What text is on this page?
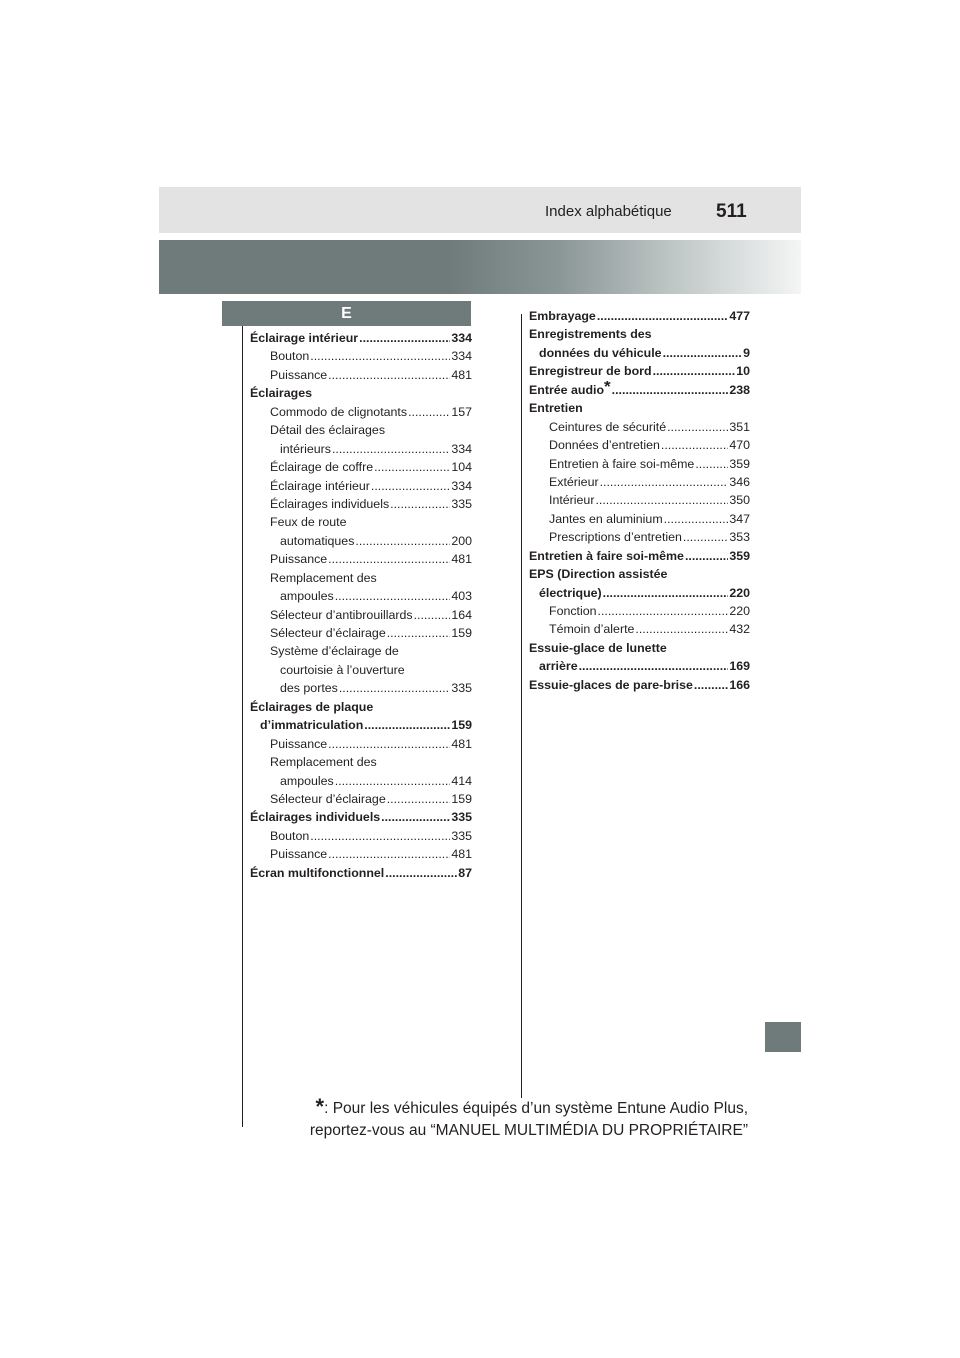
Index alphabétique 511
E
Éclairage intérieur .....	334
Bouton .....	334
Puissance .....	481
Éclairages
Commodo de clignotants .....	157
Détail des éclairages
intérieurs .....	334
Éclairage de coffre .....	104
Éclairage intérieur .....	334
Éclairages individuels .....	335
Feux de route
automatiques .....	200
Puissance .....	481
Remplacement des
ampoules .....	403
Sélecteur d’antibrouillards .....	164
Sélecteur d’éclairage .....	159
Système d’éclairage de
courtoisie à l’ouverture
des portes .....	335
Éclairages de plaque
d’immatriculation .....	159
Puissance .....	481
Remplacement des
ampoules .....	414
Sélecteur d’éclairage .....	159
Éclairages individuels .....	335
Bouton .....	335
Puissance .....	481
Écran multifonctionnel .....	87
Embrayage .....	477
Enregistrements des
données du véhicule .....	9
Enregistreur de bord .....	10
Entrée audio * .....	238
Entretien
Ceintures de sécurité .....	351
Données d’entretien .....	470
Entretien à faire soi-même .....	359
Extérieur .....	346
Intérieur .....	350
Jantes en aluminium .....	347
Prescriptions d’entretien .....	353
Entretien à faire soi-même .....	359
EPS (Direction assistée
électrique) .....	220
Fonction .....	220
Témoin d’alerte .....	432
Essuie-glace de lunette
arrière .....	169
Essuie-glaces de pare-brise .....	166
*: Pour les véhicules équipés d’un système Entune Audio Plus,
reportez-vous au “MANUEL MULTIMÉDIA DU PROPRIÉTAIRE”
